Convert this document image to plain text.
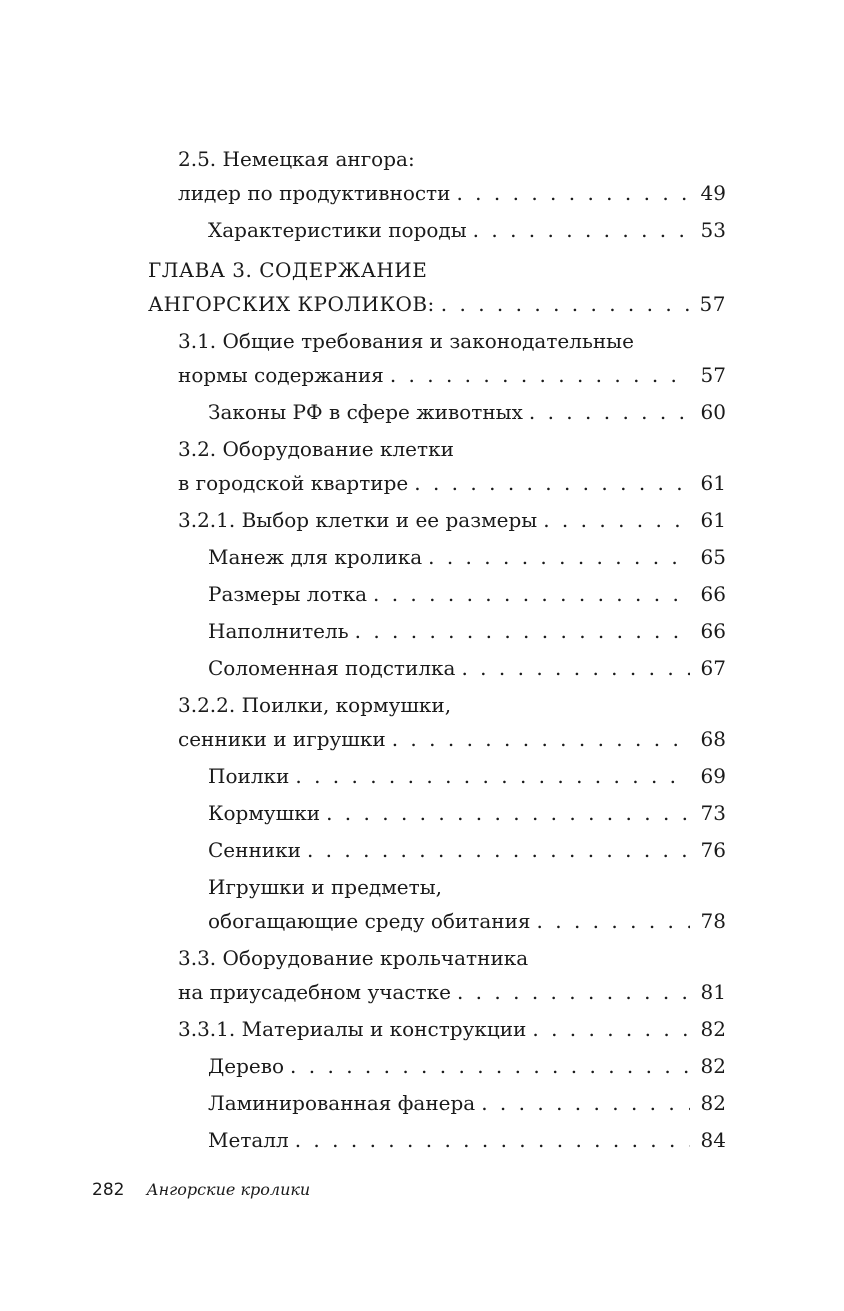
2.5. Немецкая ангора:
лидер по продуктивности . . .	49
Характеристики породы . . .	53
ГЛАВА 3. СОДЕРЖАНИЕ
АНГОРСКИХ КРОЛИКОВ: . . .	57
3.1. Общие требования и законодательные
нормы содержания . . .	57
Законы РФ в сфере животных . . .	60
3.2. Оборудование клетки
в городской квартире . . .	61
3.2.1. Выбор клетки и ее размеры . . .	61
Манеж для кролика . . .	65
Размеры лотка . . .	66
Наполнитель . . .	66
Соломенная подстилка . . .	67
3.2.2. Поилки, кормушки,
сенники и игрушки . . .	68
Поилки . . .	69
Кормушки . . .	73
Сенники . . .	76
Игрушки и предметы,
обогащающие среду обитания . . .	78
3.3. Оборудование крольчатника
на приусадебном участке . . .	81
3.3.1. Материалы и конструкции . . .	82
Дерево . . .	82
Ламинированная фанера . . .	82
Металл . . .	84
282 Ангорские кролики
